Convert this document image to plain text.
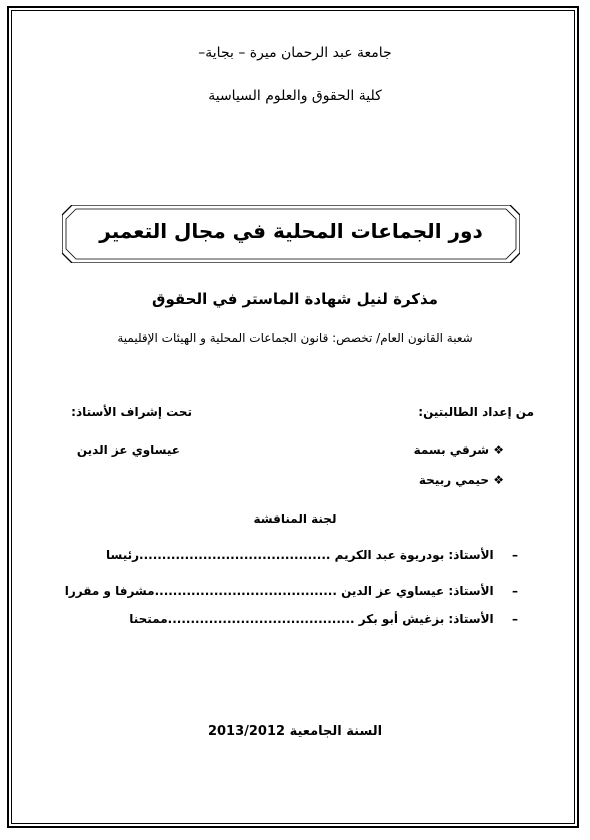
جامعة عبد الرحمان ميرة – بجاية–
كلية الحقوق والعلوم السياسية
دور الجماعات المحلية في مجال التعمير
مذكرة لنيل شهادة الماستر في الحقوق
شعبة القانون العام/ تخصص: قانون الجماعات المحلية و الهيئات الإقليمية
من إعداد الطالبتين:
تحت إشراف الأستاذ:
❖ شرقي بسمة
❖ حيمي ربيحة
عيساوي عز الدين
لجنة المناقشة
–  الأستاذ: بودريوة عبد الكريم ..........................................رئيسا
–  الأستاذ: عيساوي عز الدين ........................................مشرفا و مقررا
–  الأستاذ: بزغيش أبو بكر .........................................ممتحنا
السنة الجامعية 2013/2012
